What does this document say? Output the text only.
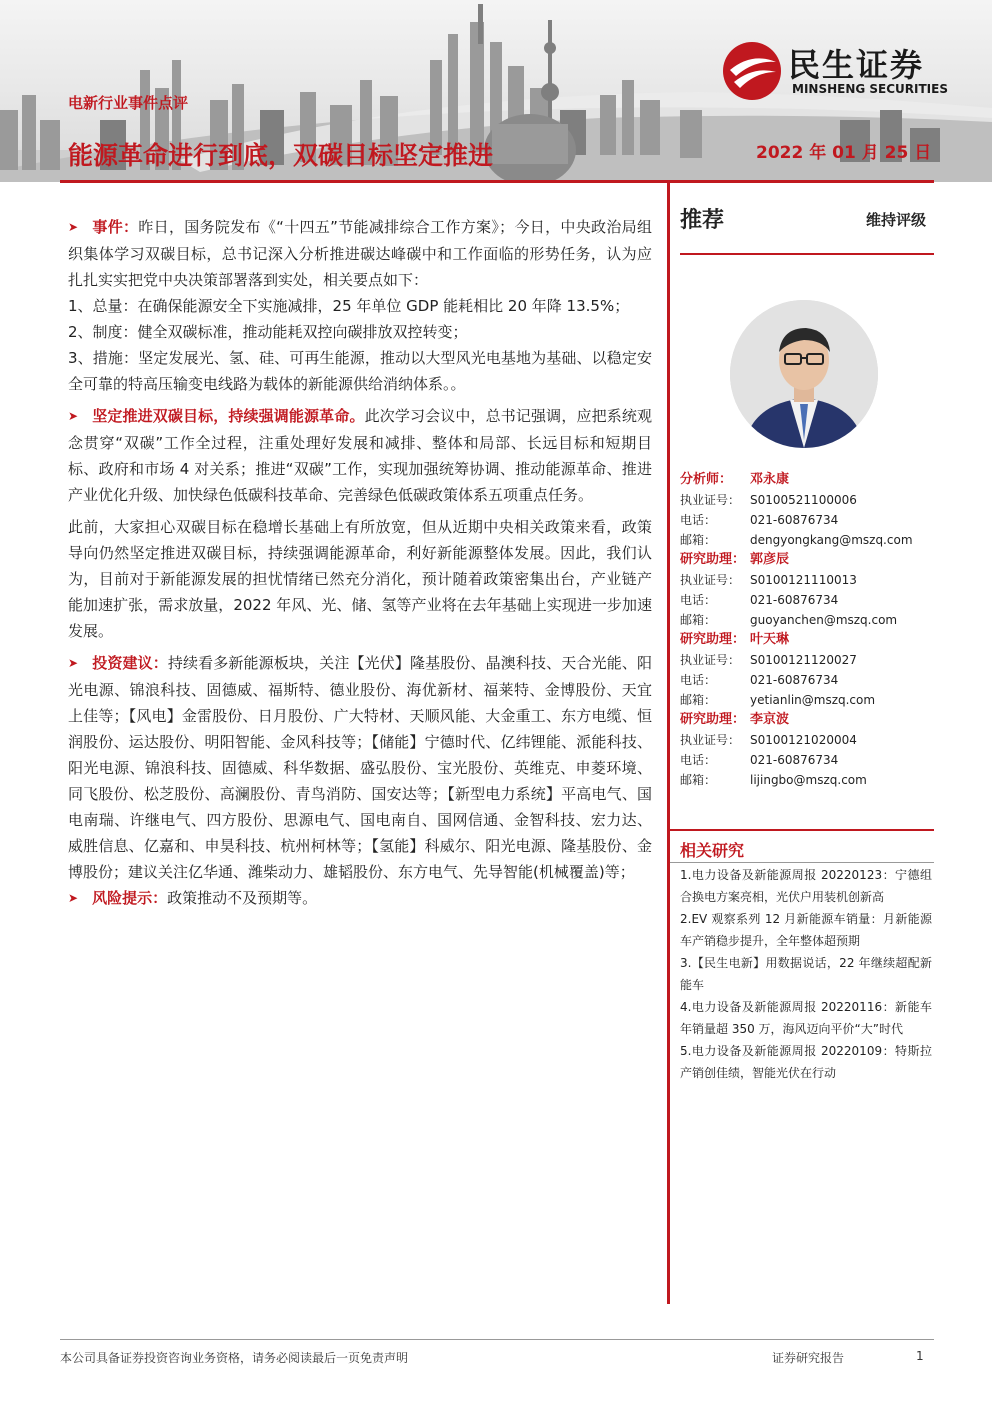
电新行业事件点评
能源革命进行到底，双碳目标坚定推进	2022 年 01 月 25 日
民生证券
MINSHENG SECURITIES

➤ 事件：昨日，国务院发布《“十四五”节能减排综合工作方案》；今日，中央政治局组织集体学习双碳目标，总书记深入分析推进碳达峰碳中和工作面临的形势任务，认为应扎扎实实把党中央决策部署落到实处，相关要点如下：

1、总量：在确保能源安全下实施减排，25 年单位 GDP 能耗相比 20 年降 13.5%；

2、制度：健全双碳标准，推动能耗双控向碳排放双控转变；

3、措施：坚定发展光、氢、硅、可再生能源，推动以大型风光电基地为基础、以稳定安全可靠的特高压输变电线路为载体的新能源供给消纳体系。。

➤ 坚定推进双碳目标，持续强调能源革命。此次学习会议中，总书记强调，应把系统观念贯穿“双碳”工作全过程，注重处理好发展和减排、整体和局部、长远目标和短期目标、政府和市场 4 对关系；推进“双碳”工作，实现加强统筹协调、推动能源革命、推进产业优化升级、加快绿色低碳科技革命、完善绿色低碳政策体系五项重点任务。

此前，大家担心双碳目标在稳增长基础上有所放宽，但从近期中央相关政策来看，政策导向仍然坚定推进双碳目标，持续强调能源革命，利好新能源整体发展。因此，我们认为，目前对于新能源发展的担忧情绪已然充分消化，预计随着政策密集出台，产业链产能加速扩张，需求放量，2022 年风、光、储、氢等产业将在去年基础上实现进一步加速发展。

➤ 投资建议：持续看多新能源板块，关注【光伏】隆基股份、晶澳科技、天合光能、阳光电源、锦浪科技、固德威、福斯特、德业股份、海优新材、福莱特、金博股份、天宜上佳等；【风电】金雷股份、日月股份、广大特材、天顺风能、大金重工、东方电缆、恒润股份、运达股份、明阳智能、金风科技等；【储能】宁德时代、亿纬锂能、派能科技、阳光电源、锦浪科技、固德威、科华数据、盛弘股份、宝光股份、英维克、申菱环境、同飞股份、松芝股份、高澜股份、青鸟消防、国安达等；【新型电力系统】平高电气、国电南瑞、许继电气、四方股份、思源电气、国电南自、国网信通、金智科技、宏力达、威胜信息、亿嘉和、申昊科技、杭州柯林等；【氢能】科威尔、阳光电源、隆基股份、金博股份；建议关注亿华通、潍柴动力、雄韬股份、东方电气、先导智能(机械覆盖)等；

➤ 风险提示：政策推动不及预期等。

推荐	维持评级
分析师：	邓永康
执业证号： S0100521100006
电话：	021-60876734
邮箱：	dengyongkang@mszq.com
研究助理： 郭彦辰
执业证号： S0100121110013
电话：	021-60876734
邮箱：	guoyanchen@mszq.com
研究助理： 叶天琳
执业证号： S0100121120027
电话：	021-60876734
邮箱：	yetianlin@mszq.com
研究助理： 李京波
执业证号： S0100121020004
电话：	021-60876734
邮箱：	lijingbo@mszq.com
相关研究
1.电力设备及新能源周报 20220123：宁德组合换电方案亮相，光伏户用装机创新高
2.EV 观察系列 12 月新能源车销量：月新能源车产销稳步提升，全年整体超预期
3.【民生电新】用数据说话，22 年继续超配新能车
4.电力设备及新能源周报 20220116：新能车年销量超 350 万，海风迈向平价“大”时代
5.电力设备及新能源周报 20220109：特斯拉产销创佳绩，智能光伏在行动
本公司具备证券投资咨询业务资格，请务必阅读最后一页免责声明	证券研究报告	1
